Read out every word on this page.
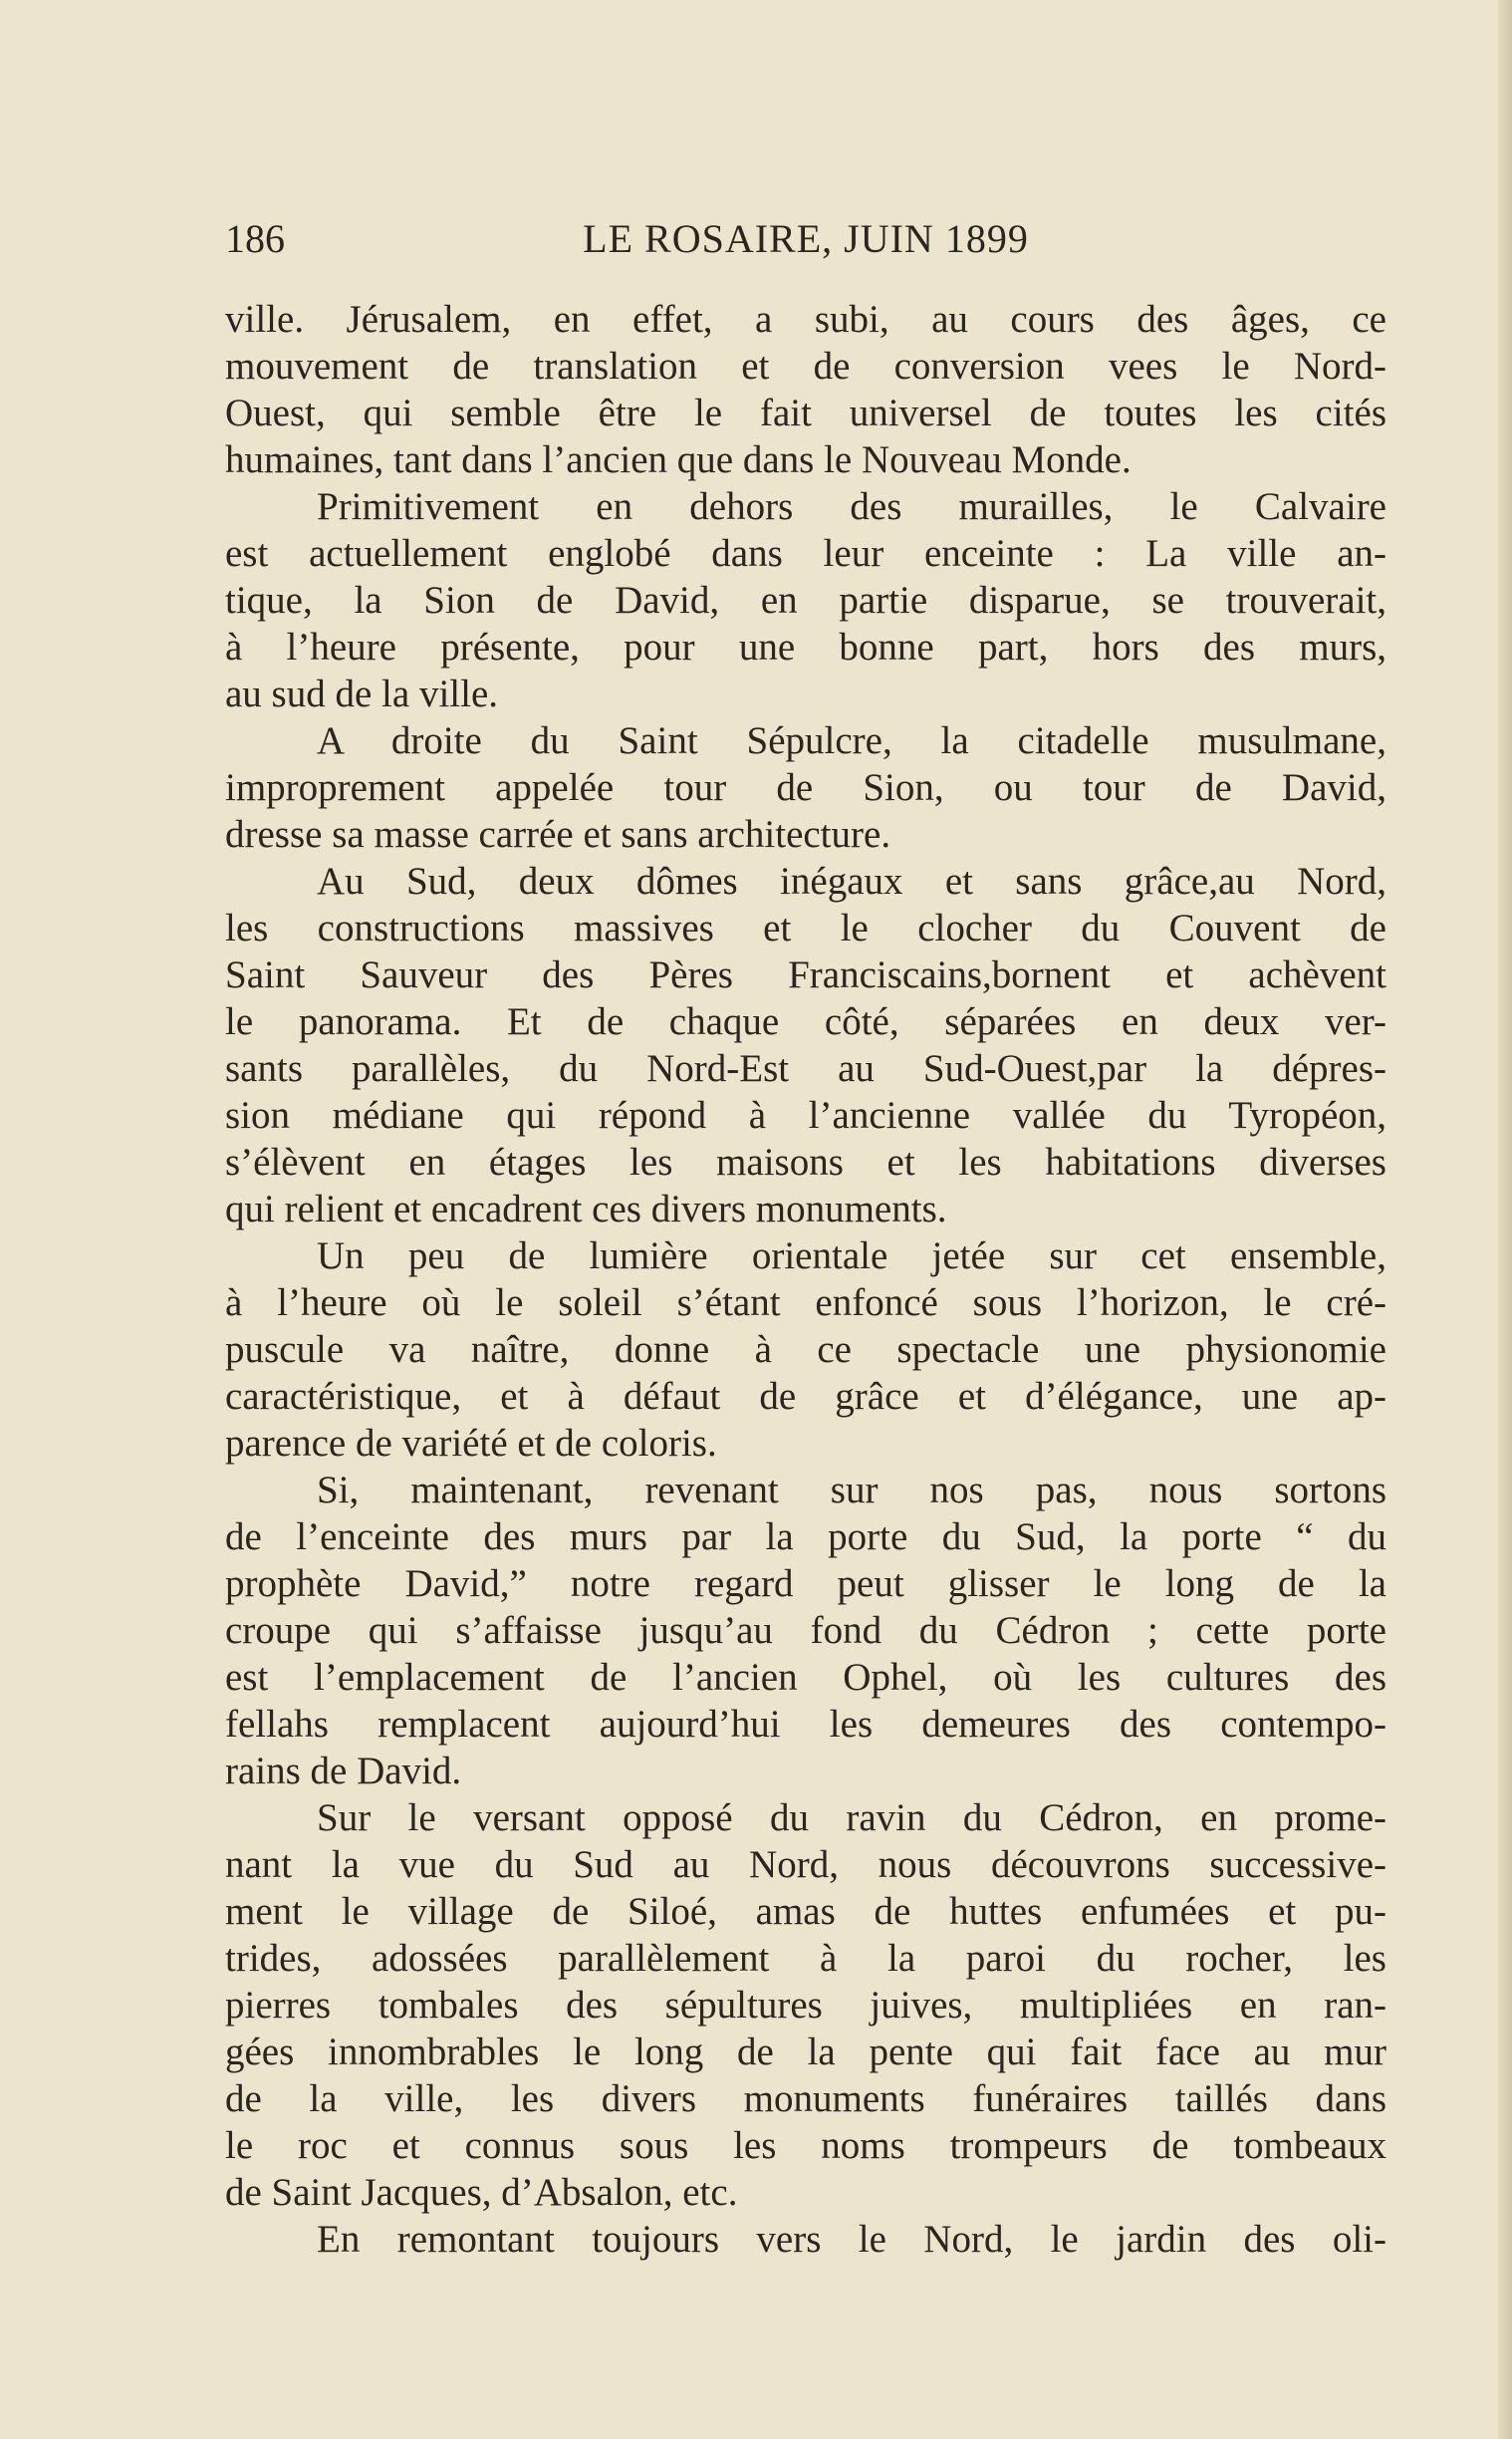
186	LE ROSAIRE, JUIN 1899
ville. Jérusalem, en effet, a subi, au cours des âges, ce
mouvement de translation et de conversion vees le Nord-
Ouest, qui semble être le fait universel de toutes les cités
humaines, tant dans l’ancien que dans le Nouveau Monde.
Primitivement en dehors des murailles, le Calvaire
est actuellement englobé dans leur enceinte : La ville an-
tique, la Sion de David, en partie disparue, se trouverait,
à l’heure présente, pour une bonne part, hors des murs,
au sud de la ville.
A droite du Saint Sépulcre, la citadelle musulmane,
improprement appelée tour de Sion, ou tour de David,
dresse sa masse carrée et sans architecture.
Au Sud, deux dômes inégaux et sans grâce,au Nord,
les constructions massives et le clocher du Couvent de
Saint Sauveur des Pères Franciscains,bornent et achèvent
le panorama. Et de chaque côté, séparées en deux ver-
sants parallèles, du Nord-Est au Sud-Ouest,par la dépres-
sion médiane qui répond à l’ancienne vallée du Tyropéon,
s’élèvent en étages les maisons et les habitations diverses
qui relient et encadrent ces divers monuments.
Un peu de lumière orientale jetée sur cet ensemble,
à l’heure où le soleil s’étant enfoncé sous l’horizon, le cré-
puscule va naître, donne à ce spectacle une physionomie
caractéristique, et à défaut de grâce et d’élégance, une ap-
parence de variété et de coloris.
Si, maintenant, revenant sur nos pas, nous sortons
de l’enceinte des murs par la porte du Sud, la porte “ du
prophète David,” notre regard peut glisser le long de la
croupe qui s’affaisse jusqu’au fond du Cédron ; cette porte
est l’emplacement de l’ancien Ophel, où les cultures des
fellahs remplacent aujourd’hui les demeures des contempo-
rains de David.
Sur le versant opposé du ravin du Cédron, en prome-
nant la vue du Sud au Nord, nous découvrons successive-
ment le village de Siloé, amas de huttes enfumées et pu-
trides, adossées parallèlement à la paroi du rocher, les
pierres tombales des sépultures juives, multipliées en ran-
gées innombrables le long de la pente qui fait face au mur
de la ville, les divers monuments funéraires taillés dans
le roc et connus sous les noms trompeurs de tombeaux
de Saint Jacques, d’Absalon, etc.
En remontant toujours vers le Nord, le jardin des oli-
